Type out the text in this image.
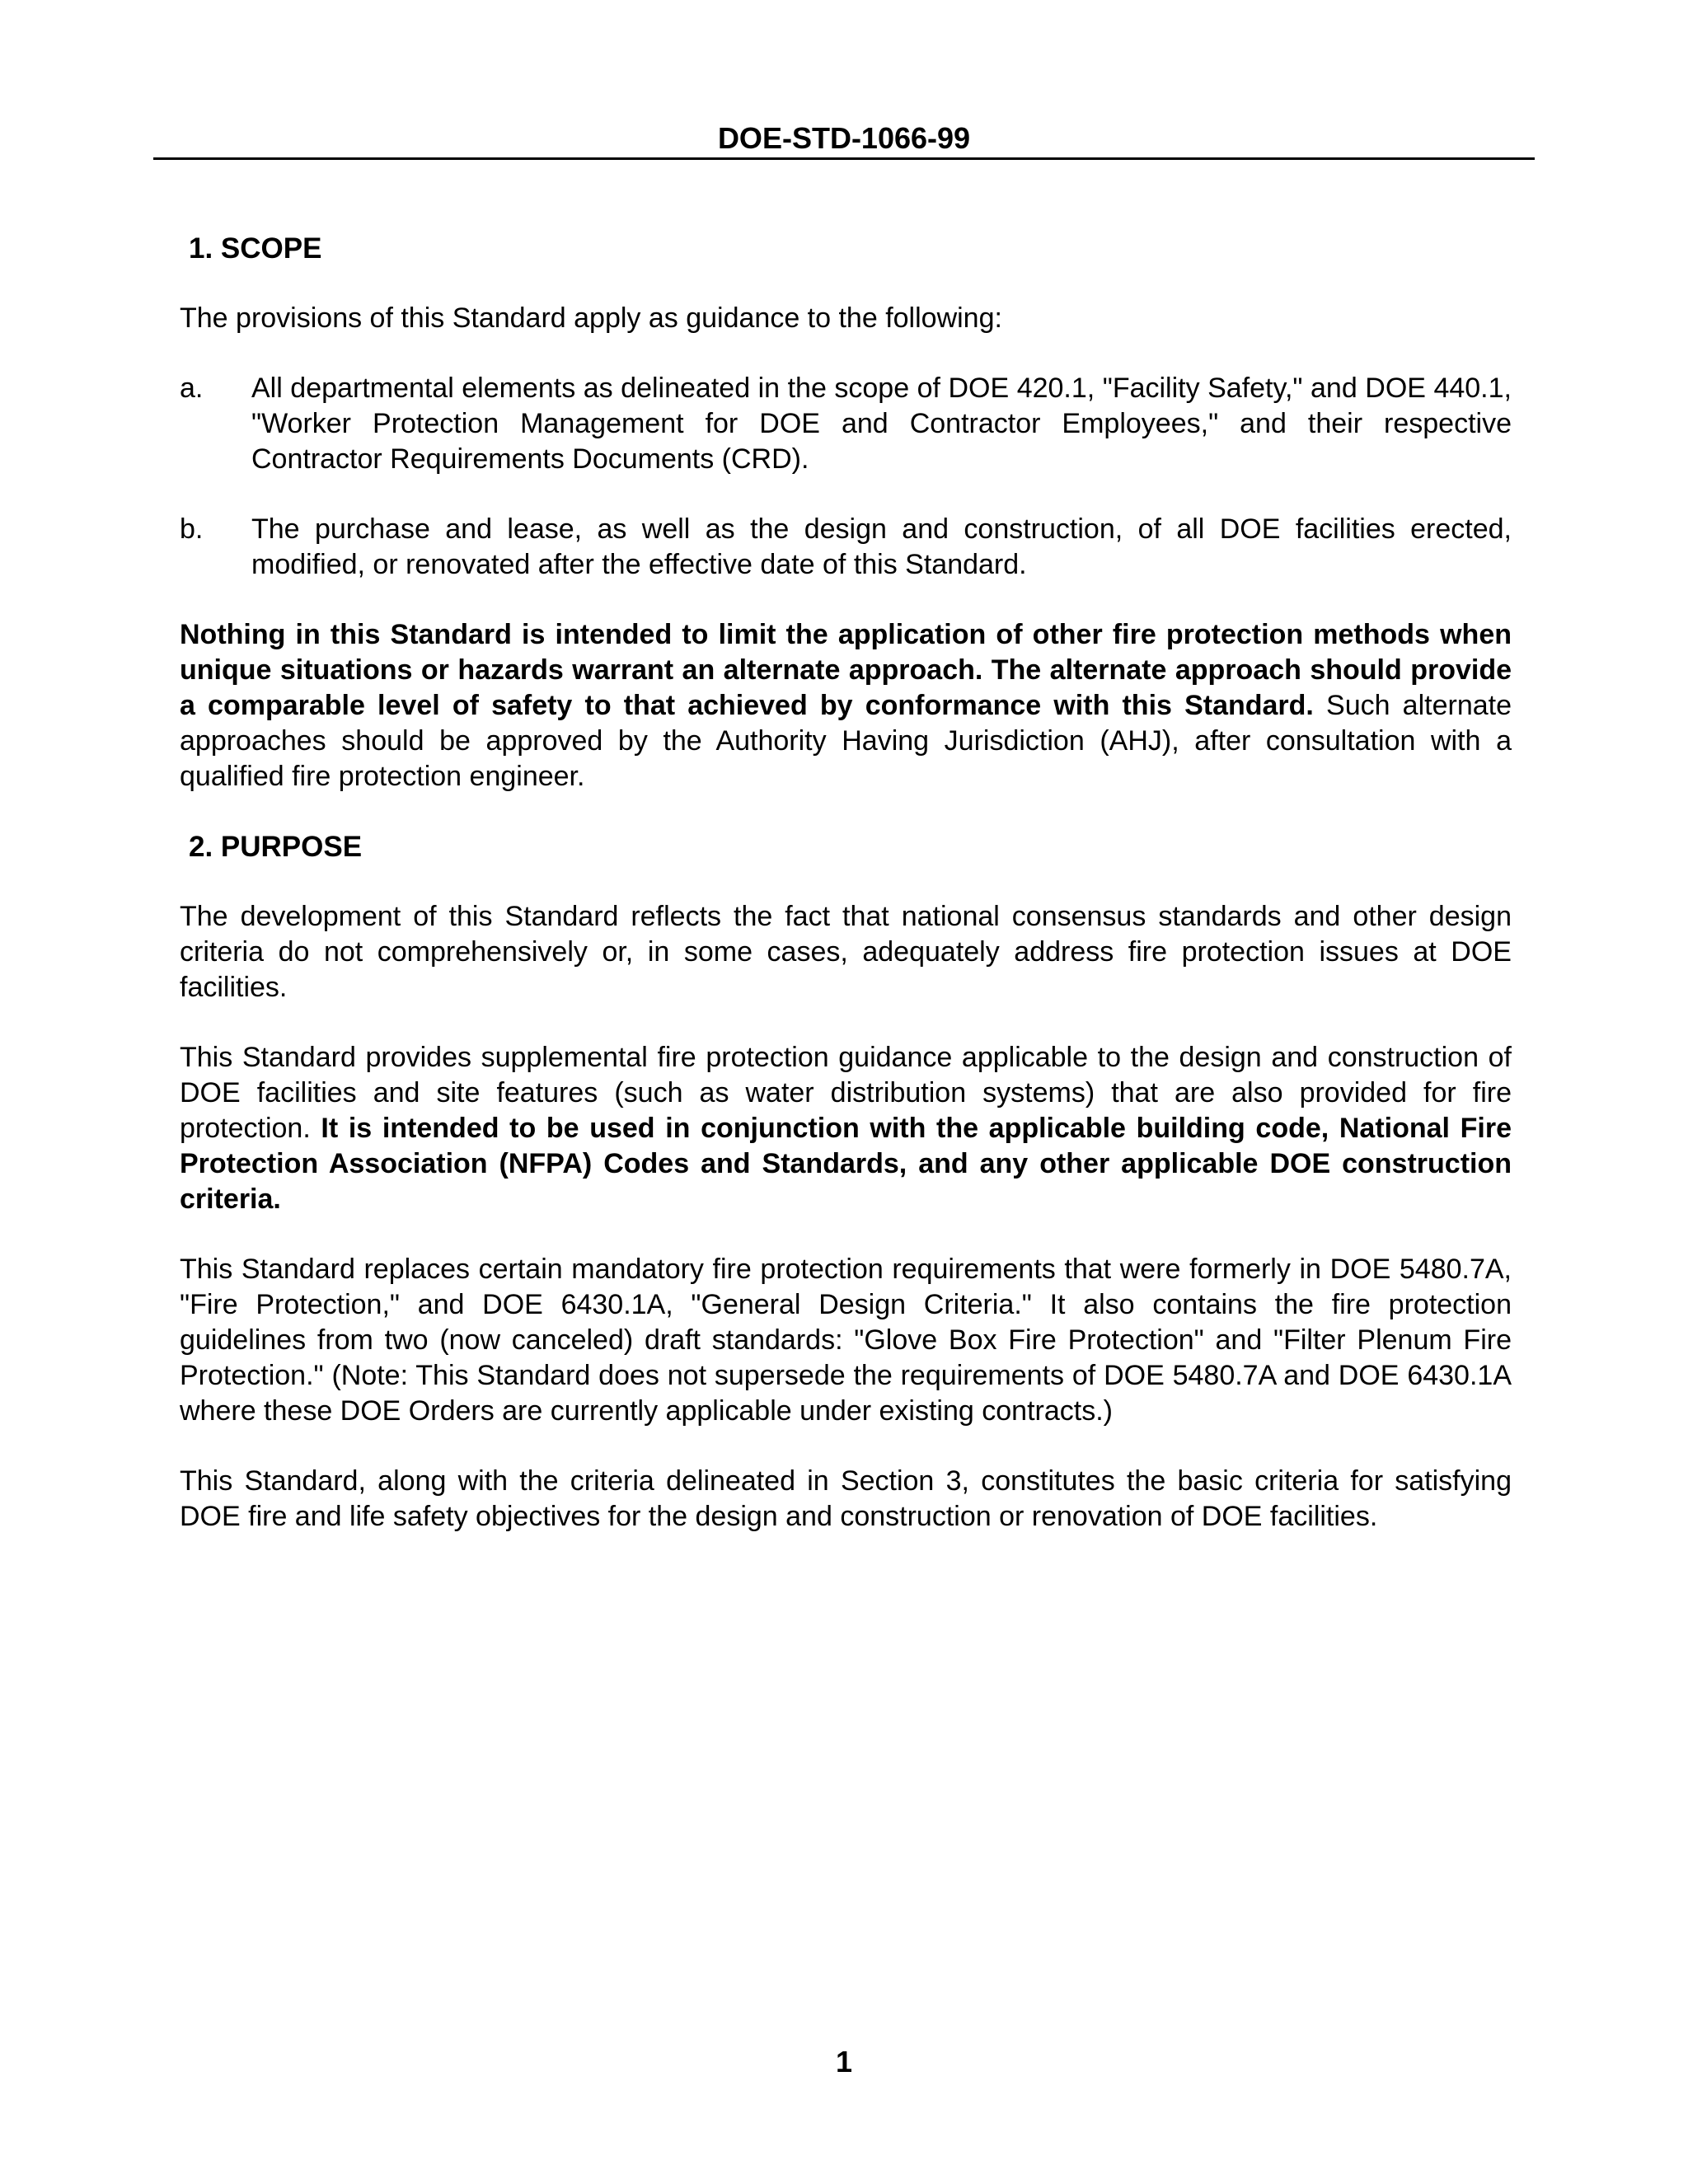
DOE-STD-1066-99
1. SCOPE

The provisions of this Standard apply as guidance to the following:

a.	All departmental elements as delineated in the scope of DOE 420.1, "Facility Safety," and DOE 440.1, "Worker Protection Management for DOE and Contractor Employees," and their respective Contractor Requirements Documents (CRD).
b.	The purchase and lease, as well as the design and construction, of all DOE facilities erected, modified, or renovated after the effective date of this Standard.

Nothing in this Standard is intended to limit the application of other fire protection methods when unique situations or hazards warrant an alternate approach. The alternate approach should provide a comparable level of safety to that achieved by conformance with this Standard. Such alternate approaches should be approved by the Authority Having Jurisdiction (AHJ), after consultation with a qualified fire protection engineer.

2. PURPOSE

The development of this Standard reflects the fact that national consensus standards and other design criteria do not comprehensively or, in some cases, adequately address fire protection issues at DOE facilities.

This Standard provides supplemental fire protection guidance applicable to the design and construction of DOE facilities and site features (such as water distribution systems) that are also provided for fire protection. It is intended to be used in conjunction with the applicable building code, National Fire Protection Association (NFPA) Codes and Standards, and any other applicable DOE construction criteria.

This Standard replaces certain mandatory fire protection requirements that were formerly in DOE 5480.7A, "Fire Protection," and DOE 6430.1A, "General Design Criteria." It also contains the fire protection guidelines from two (now canceled) draft standards: "Glove Box Fire Protection" and "Filter Plenum Fire Protection." (Note: This Standard does not supersede the requirements of DOE 5480.7A and DOE 6430.1A where these DOE Orders are currently applicable under existing contracts.)

This Standard, along with the criteria delineated in Section 3, constitutes the basic criteria for satisfying DOE fire and life safety objectives for the design and construction or renovation of DOE facilities.

1
